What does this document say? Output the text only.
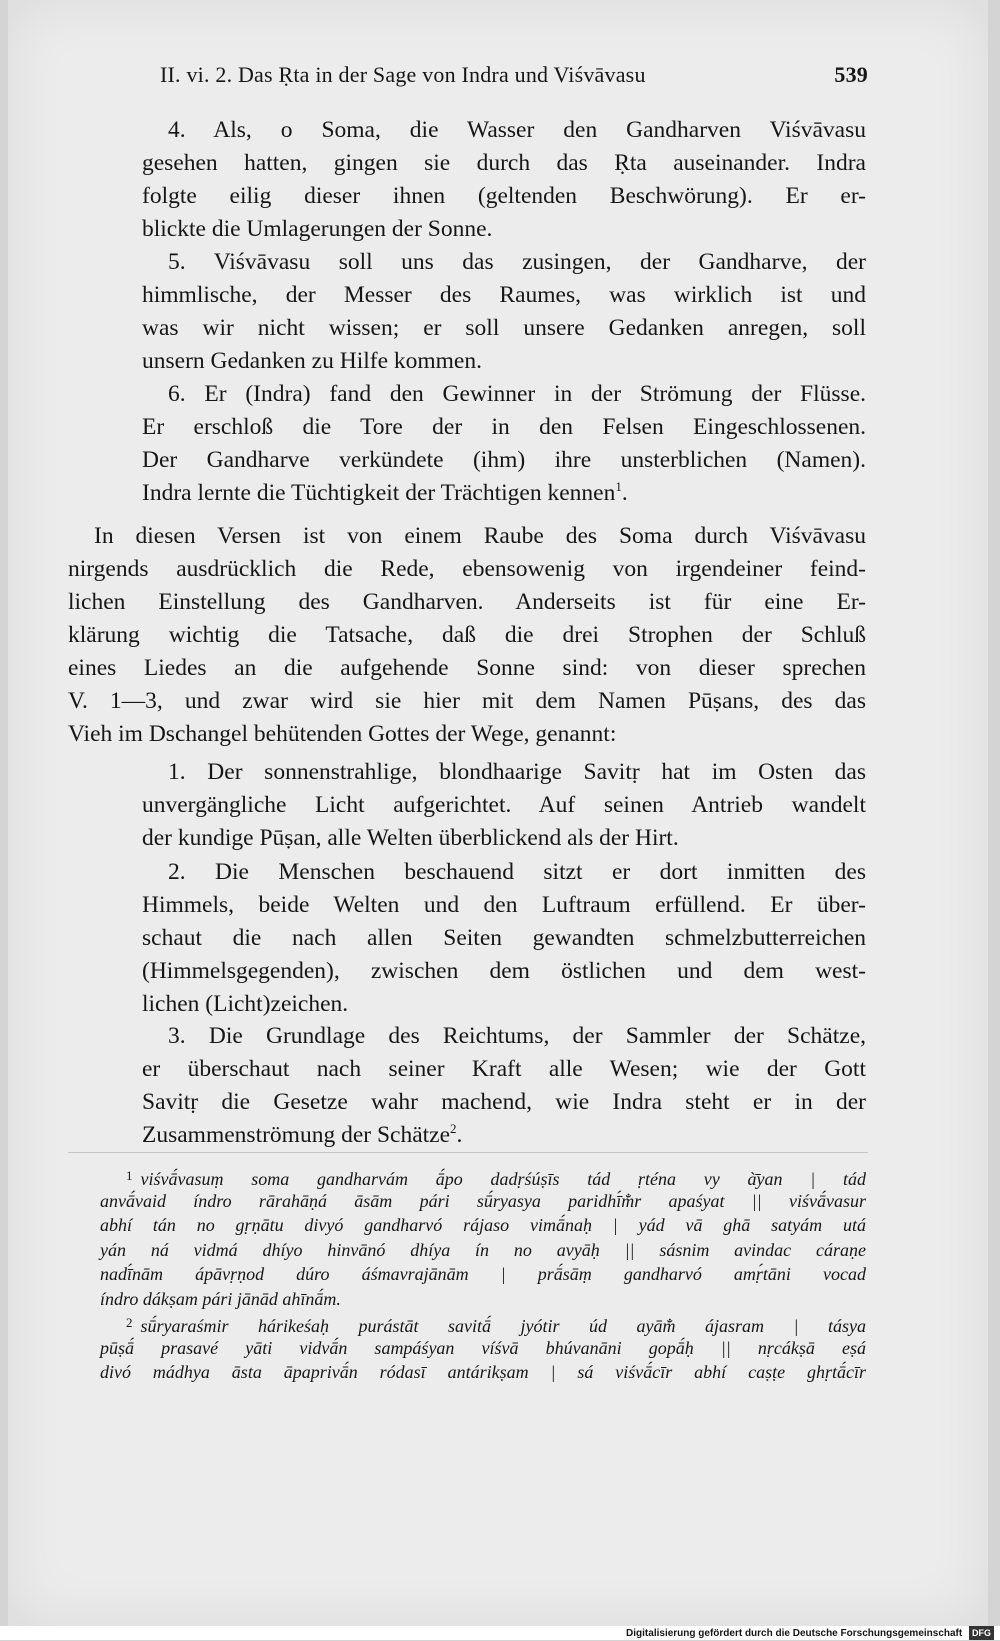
II. vi. 2. Das Ṛta in der Sage von Indra und Viśvāvasu	539
4. Als, o Soma, die Wasser den Gandharven Viśvāvasu
gesehen hatten, gingen sie durch das Ṛta auseinander. Indra
folgte eilig dieser ihnen (geltenden Beschwörung). Er er-
blickte die Umlagerungen der Sonne.
5. Viśvāvasu soll uns das zusingen, der Gandharve, der
himmlische, der Messer des Raumes, was wirklich ist und
was wir nicht wissen; er soll unsere Gedanken anregen, soll
unsern Gedanken zu Hilfe kommen.
6. Er (Indra) fand den Gewinner in der Strömung der Flüsse.
Er erschloß die Tore der in den Felsen Eingeschlossenen.
Der Gandharve verkündete (ihm) ihre unsterblichen (Namen).
Indra lernte die Tüchtigkeit der Trächtigen kennen$^1$.
In diesen Versen ist von einem Raube des Soma durch Viśvāvasu
nirgends ausdrücklich die Rede, ebensowenig von irgendeiner feind-
lichen Einstellung des Gandharven. Anderseits ist für eine Er-
klärung wichtig die Tatsache, daß die drei Strophen der Schluß
eines Liedes an die aufgehende Sonne sind: von dieser sprechen
V. 1—3, und zwar wird sie hier mit dem Namen Pūṣans, des das
Vieh im Dschangel behütenden Gottes der Wege, genannt:
1. Der sonnenstrahlige, blondhaarige Savitṛ hat im Osten das
unvergängliche Licht aufgerichtet. Auf seinen Antrieb wandelt
der kundige Pūṣan, alle Welten überblickend als der Hirt.
2. Die Menschen beschauend sitzt er dort inmitten des
Himmels, beide Welten und den Luftraum erfüllend. Er über-
schaut die nach allen Seiten gewandten schmelzbutterreichen
(Himmelsgegenden), zwischen dem östlichen und dem west-
lichen (Licht)zeichen.
3. Die Grundlage des Reichtums, der Sammler der Schätze,
er überschaut nach seiner Kraft alle Wesen; wie der Gott
Savitṛ die Gesetze wahr machend, wie Indra steht er in der
Zusammenströmung der Schätze$^2$.
$^1$ viśvā́vasuṃ soma gandharvám ā́po dadṛśúṣīs tád ṛténa vy à̄yan | tád
anvā́vaid índro rārahāṇá āsām pári sū́ryasya paridhī́m̐r apaśyat || viśvā́vasur
abhí tán no gṛṇātu divyó gandharvó rájaso vimā́naḥ | yád vā ghā satyám utá
yán ná vidmá dhíyo hinvānó dhíya ín no avyāḥ || sásnim avindac cáraṇe
nadī́nām ápāvṛṇod dúro áśmavrajānām | prā́sāṃ gandharvó amṛ́tāni vocad
índro dákṣam pári jānād ahīnā́m.
$^2$ sū́ryaraśmir hárikeśaḥ purástāt savitā́ jyótir úd ayām̐ ájasram | tásya
pūṣā́ prasavé yāti vidvā́n sampáśyan víśvā bhúvanāni gopā́ḥ || nṛcákṣā eṣá
divó mádhya āsta āpaprivā́n ródasī antárikṣam | sá viśvā́cīr abhí caṣṭe ghṛtā́cīr
Digitalisierung gefördert durch die Deutsche Forschungsgemeinschaft DFG
